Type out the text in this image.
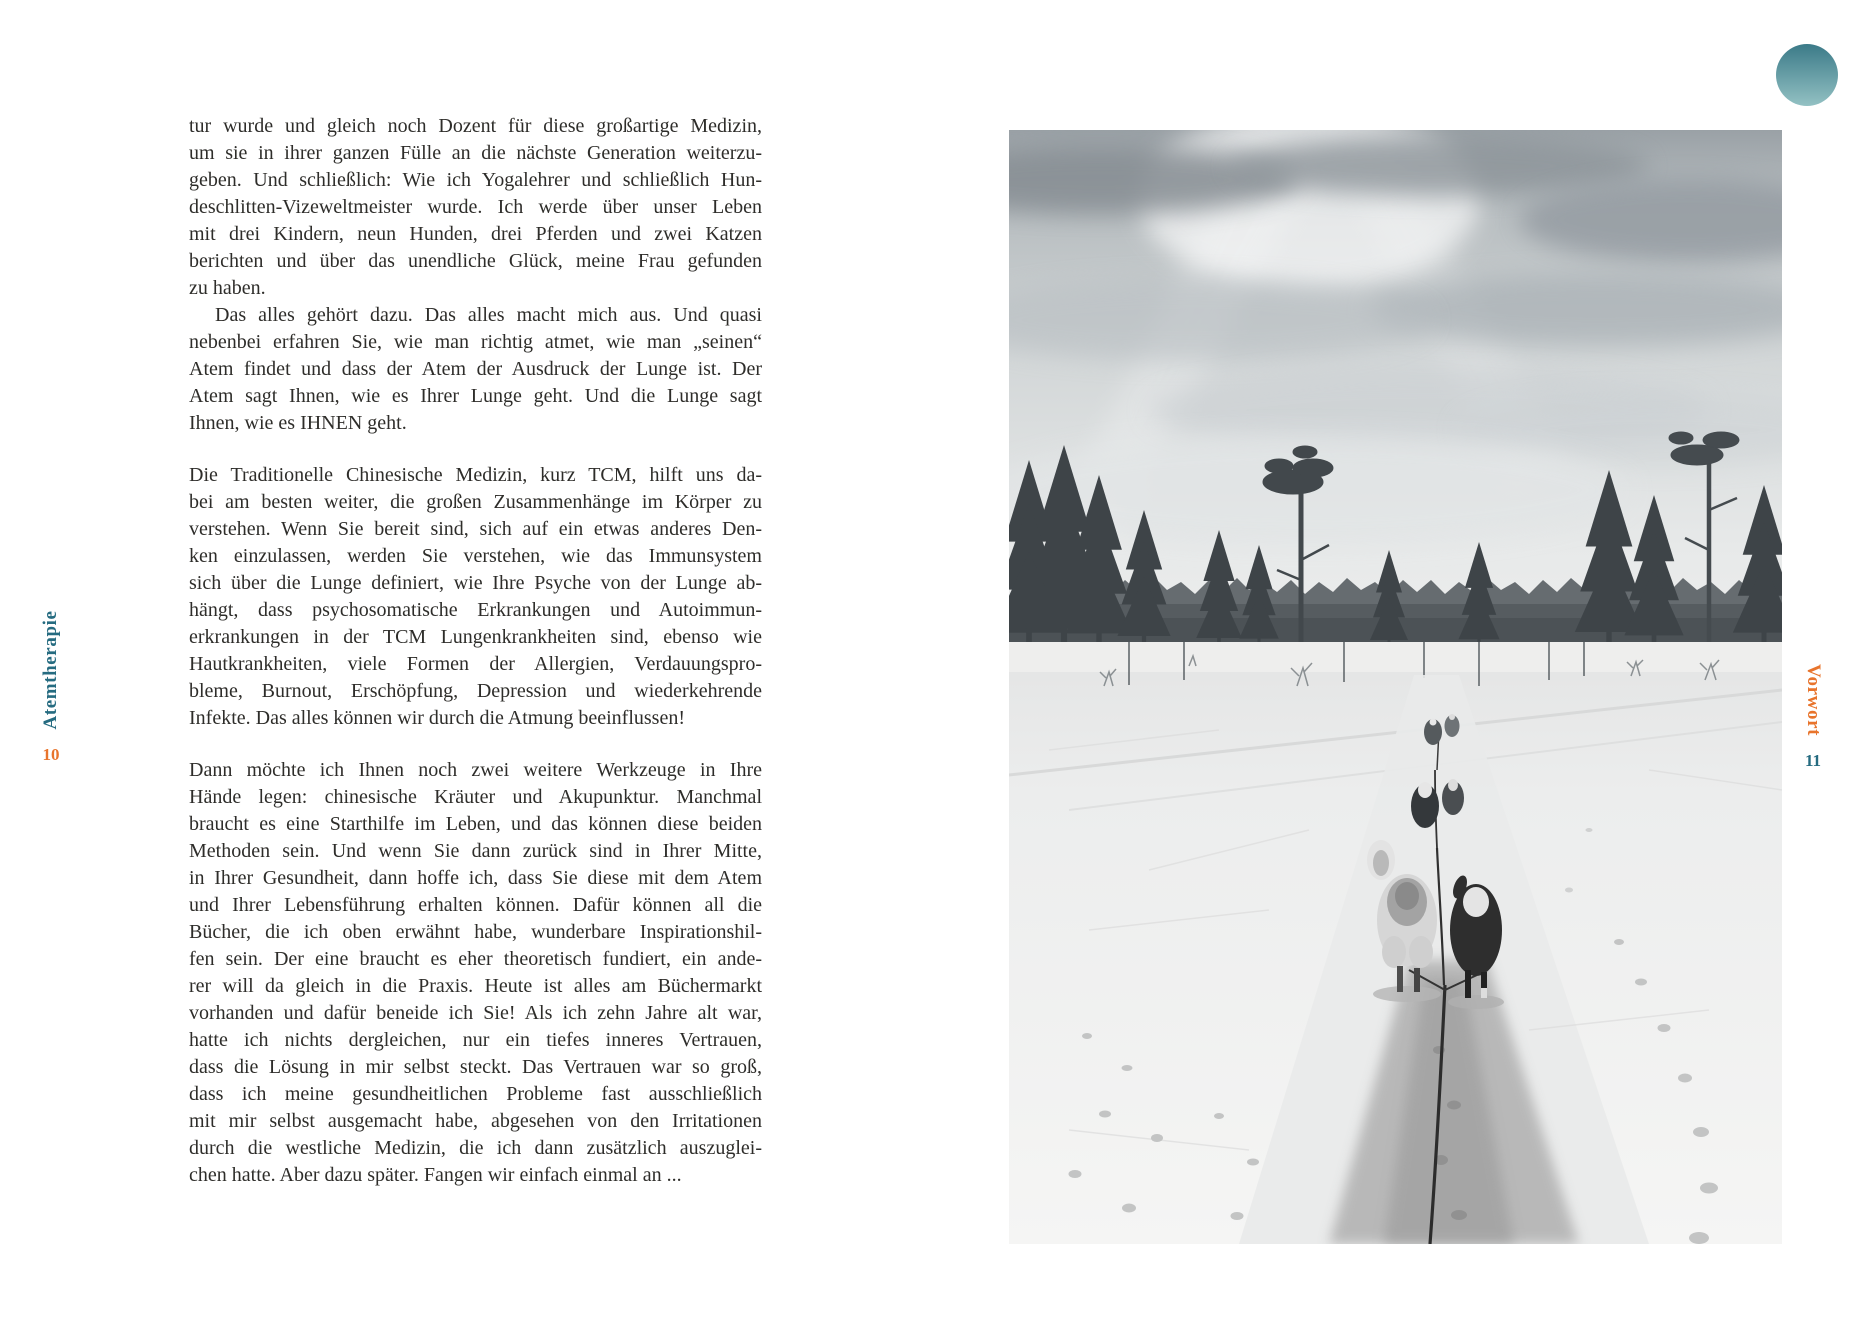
Atemtherapie
10
tur wurde und gleich noch Dozent für diese großartige Medizin,
um sie in ihrer ganzen Fülle an die nächste Generation weiterzu-
geben. Und schließlich: Wie ich Yogalehrer und schließlich Hun-
deschlitten-Vizeweltmeister wurde. Ich werde über unser Leben
mit drei Kindern, neun Hunden, drei Pferden und zwei Katzen
berichten und über das unendliche Glück, meine Frau gefunden
zu haben.
Das alles gehört dazu. Das alles macht mich aus. Und quasi
nebenbei erfahren Sie, wie man richtig atmet, wie man „seinen“
Atem findet und dass der Atem der Ausdruck der Lunge ist. Der
Atem sagt Ihnen, wie es Ihrer Lunge geht. Und die Lunge sagt
Ihnen, wie es IHNEN geht.
Die Traditionelle Chinesische Medizin, kurz TCM, hilft uns da-
bei am besten weiter, die großen Zusammenhänge im Körper zu
verstehen. Wenn Sie bereit sind, sich auf ein etwas anderes Den-
ken einzulassen, werden Sie verstehen, wie das Immunsystem
sich über die Lunge definiert, wie Ihre Psyche von der Lunge ab-
hängt, dass psychosomatische Erkrankungen und Autoimmun-
erkrankungen in der TCM Lungenkrankheiten sind, ebenso wie
Hautkrankheiten, viele Formen der Allergien, Verdauungspro-
bleme, Burnout, Erschöpfung, Depression und wiederkehrende
Infekte. Das alles können wir durch die Atmung beeinflussen!
Dann möchte ich Ihnen noch zwei weitere Werkzeuge in Ihre
Hände legen: chinesische Kräuter und Akupunktur. Manchmal
braucht es eine Starthilfe im Leben, und das können diese beiden
Methoden sein. Und wenn Sie dann zurück sind in Ihrer Mitte,
in Ihrer Gesundheit, dann hoffe ich, dass Sie diese mit dem Atem
und Ihrer Lebensführung erhalten können. Dafür können all die
Bücher, die ich oben erwähnt habe, wunderbare Inspirationshil-
fen sein. Der eine braucht es eher theoretisch fundiert, ein ande-
rer will da gleich in die Praxis. Heute ist alles am Büchermarkt
vorhanden und dafür beneide ich Sie! Als ich zehn Jahre alt war,
hatte ich nichts dergleichen, nur ein tiefes inneres Vertrauen,
dass die Lösung in mir selbst steckt. Das Vertrauen war so groß,
dass ich meine gesundheitlichen Probleme fast ausschließlich
mit mir selbst ausgemacht habe, abgesehen von den Irritationen
durch die westliche Medizin, die ich dann zusätzlich auszuglei-
chen hatte. Aber dazu später. Fangen wir einfach einmal an ...
Vorwort
11
